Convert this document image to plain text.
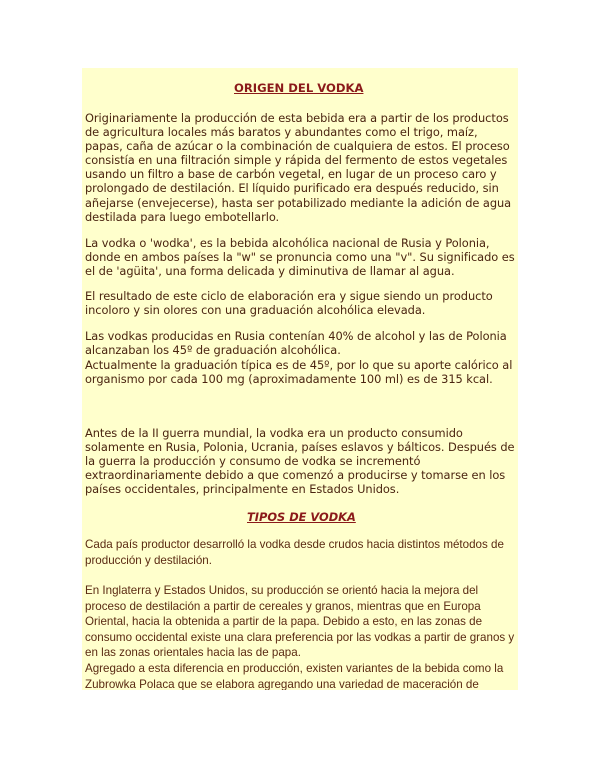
ORIGEN DEL VODKA

Originariamente la producción de esta bebida era a partir de los productos de agricultura locales más baratos y abundantes como el trigo, maíz, papas, caña de azúcar o la combinación de cualquiera de estos. El proceso consistía en una filtración simple y rápida del fermento de estos vegetales usando un filtro a base de carbón vegetal, en lugar de un proceso caro y prolongado de destilación. El líquido purificado era después reducido, sin añejarse (envejecerse), hasta ser potabilizado mediante la adición de agua destilada para luego embotellarlo.

La vodka o 'wodka', es la bebida alcohólica nacional de Rusia y Polonia, donde en ambos países la "w" se pronuncia como una "v". Su significado es el de 'agüita', una forma delicada y diminutiva de llamar al agua.

El resultado de este ciclo de elaboración era y sigue siendo un producto incoloro y sin olores con una graduación alcohólica elevada.

Las vodkas producidas en Rusia contenían 40% de alcohol y las de Polonia alcanzaban los 45º de graduación alcohólica.

Actualmente la graduación típica es de 45º, por lo que su aporte calórico al organismo por cada 100 mg (aproximadamente 100 ml) es de 315 kcal.

Antes de la II guerra mundial, la vodka era un producto consumido solamente en Rusia, Polonia, Ucrania, países eslavos y bálticos. Después de la guerra la producción y consumo de vodka se incrementó extraordinariamente debido a que comenzó a producirse y tomarse en los países occidentales, principalmente en Estados Unidos.

TIPOS DE VODKA

Cada país productor desarrolló la vodka desde crudos hacia distintos métodos de producción y destilación.

En Inglaterra y Estados Unidos, su producción se orientó hacia la mejora del proceso de destilación a partir de cereales y granos, mientras que en Europa Oriental, hacia la obtenida a partir de la papa. Debido a esto, en las zonas de consumo occidental existe una clara preferencia por las vodkas a partir de granos y en las zonas orientales hacia las de papa.

Agregado a esta diferencia en producción, existen variantes de la bebida como la Zubrowka Polaca que se elabora agregando una variedad de maceración de
